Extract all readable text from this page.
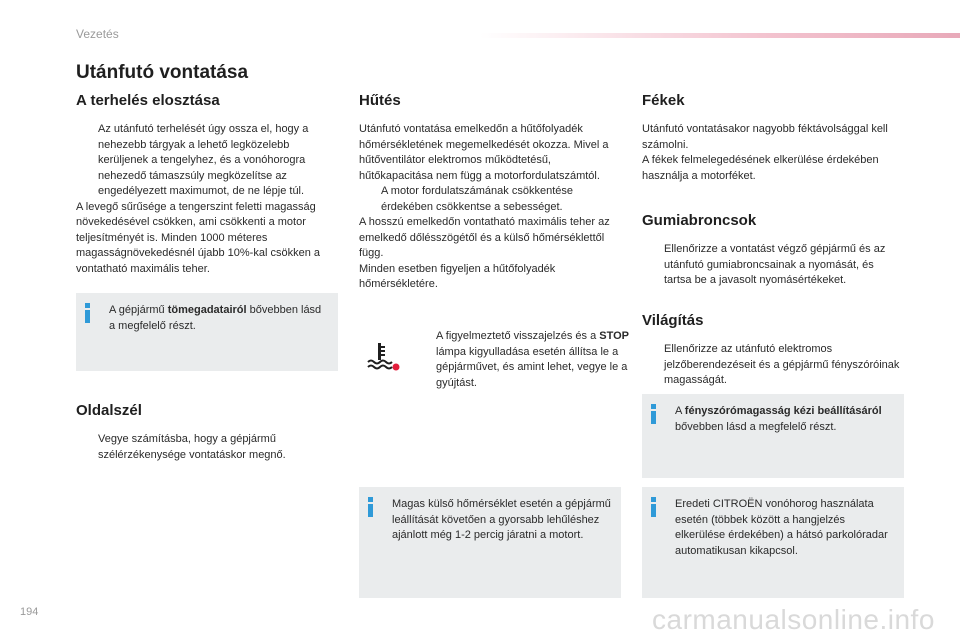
Vezetés
Utánfutó vontatása
A terhelés elosztása
Az utánfutó terhelését úgy ossza el, hogy a nehezebb tárgyak a lehető legközelebb kerüljenek a tengelyhez, és a vonóhorogra nehezedő támaszsúly megközelítse az engedélyezett maximumot, de ne lépje túl.

A levegő sűrűsége a tengerszint feletti magasság növekedésével csökken, ami csökkenti a motor teljesítményét is. Minden 1000 méteres magasságnövekedésnél újabb 10%-kal csökken a vontatható maximális teher.

A gépjármű tömegadatairól bővebben lásd a megfelelő részt.
Oldalszél
Vegye számításba, hogy a gépjármű szélérzékenysége vontatáskor megnő.
Hűtés

Utánfutó vontatása emelkedőn a hűtőfolyadék hőmérsékletének megemelkedését okozza. Mivel a hűtőventilátor elektromos működtetésű, hűtőkapacitása nem függ a motorfordulatszámtól.

A motor fordulatszámának csökkentése érdekében csökkentse a sebességet.

A hosszú emelkedőn vontatható maximális teher az emelkedő dőlésszögétől és a külső hőmérséklettől függ.

Minden esetben figyeljen a hűtőfolyadék hőmérsékletére.

A figyelmeztető visszajelzés és a STOP lámpa kigyulladása esetén állítsa le a gépjárművet, és amint lehet, vegye le a gyújtást.
Magas külső hőmérséklet esetén a gépjármű leállítását követően a gyorsabb lehűléshez ajánlott még 1-2 percig járatni a motort.
Fékek

Utánfutó vontatásakor nagyobb féktávolsággal kell számolni.

A fékek felmelegedésének elkerülése érdekében használja a motorféket.

Gumiabroncsok
Ellenőrizze a vontatást végző gépjármű és az utánfutó gumiabroncsainak a nyomását, és tartsa be a javasolt nyomásértékeket.
Világítás
Ellenőrizze az utánfutó elektromos jelzőberendezéseit és a gépjármű fényszóróinak magasságát.
A fényszórómagasság kézi beállításáról bővebben lásd a megfelelő részt.
Eredeti CITROËN vonóhorog használata esetén (többek között a hangjelzés elkerülése érdekében) a hátsó parkolóradar automatikusan kikapcsol.
194	carmanualsonline.info
